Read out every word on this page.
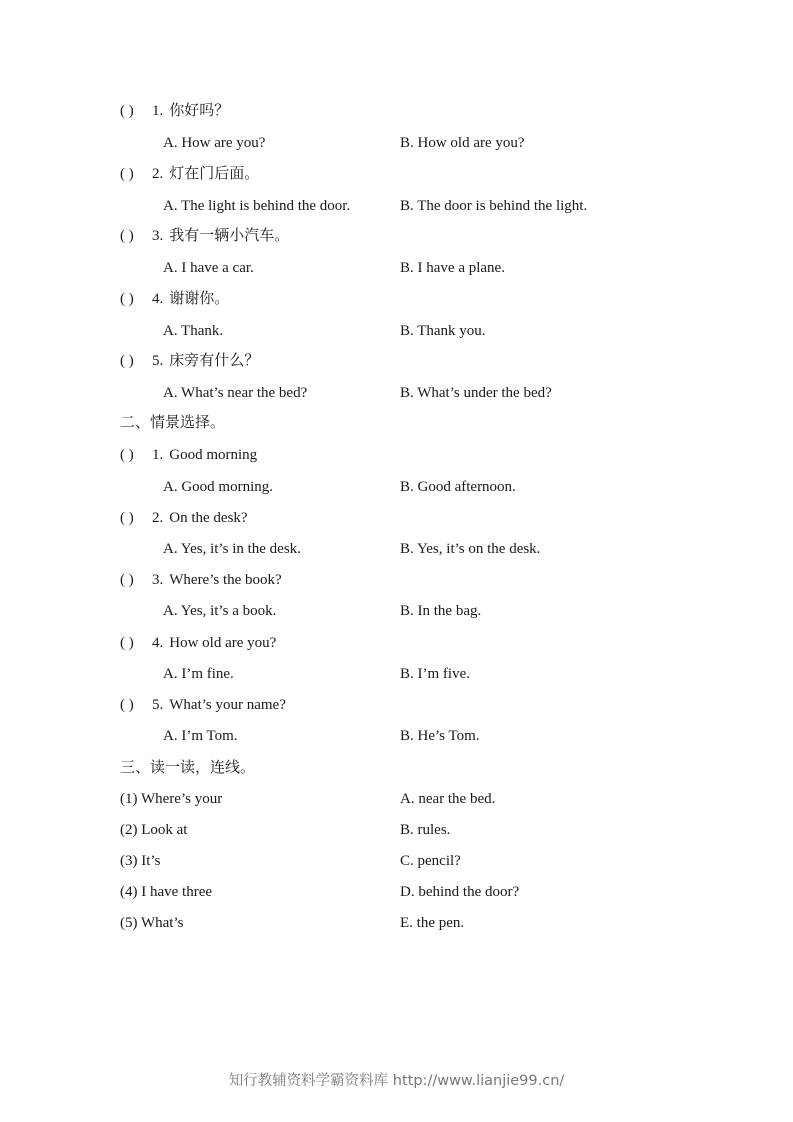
( ) 1. 你好吗？
A. How are you?	B. How old are you?
( ) 2. 灯在门后面。
A. The light is behind the door.	B. The door is behind the light.
( ) 3. 我有一辆小汽车。
A. I have a car.	B. I have a plane.
( ) 4. 谢谢你。
A. Thank.	B. Thank you.
( ) 5. 床旁有什么？
A. What’s near the bed?	B. What’s under the bed?
二、情景选择。
( ) 1. Good morning
A. Good morning.	B. Good afternoon.
( ) 2. On the desk?
A. Yes, it’s in the desk.	B. Yes, it’s on the desk.
( ) 3. Where’s the book?
A. Yes, it’s a book.	B. In the bag.
( ) 4. How old are you?
A. I’m fine.	B. I’m five.
( ) 5. What’s your name?
A. I’m Tom.	B. He’s Tom.
三、读一读，连线。
(1) Where’s your	A. near the bed.
(2) Look at	B. rules.
(3) It’s	C. pencil?
(4) I have three	D. behind the door?
(5) What’s	E. the pen.
知行教辅资料学霸资料库 http://www.lianjie99.cn/
